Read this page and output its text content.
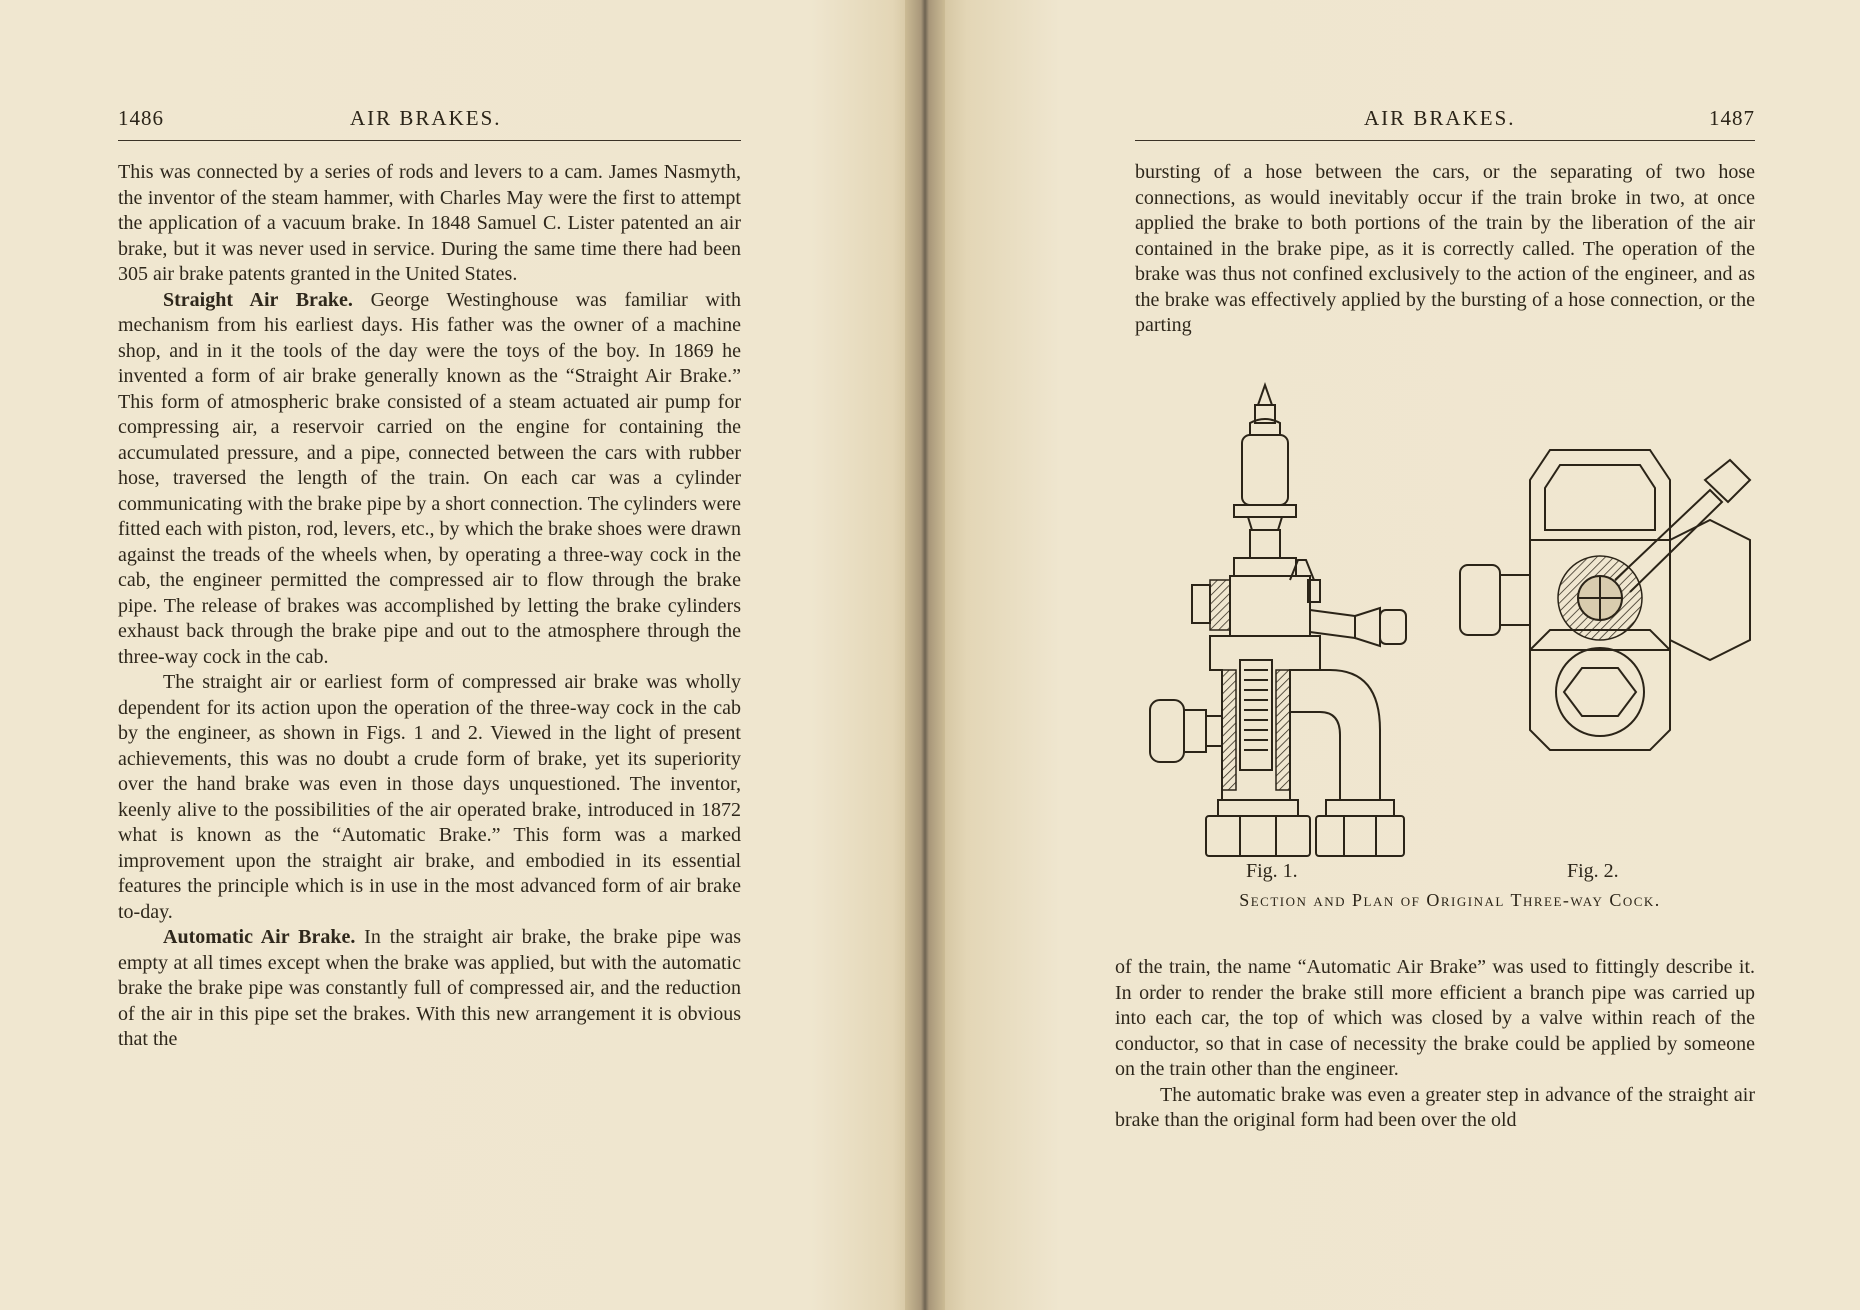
1486	AIR BRAKES.

This was connected by a series of rods and levers to a cam. James Nasmyth, the inventor of the steam hammer, with Charles May were the first to attempt the application of a vacuum brake. In 1848 Samuel C. Lister patented an air brake, but it was never used in service. During the same time there had been 305 air brake patents granted in the United States.

Straight Air Brake. George Westinghouse was familiar with mechanism from his earliest days. His father was the owner of a machine shop, and in it the tools of the day were the toys of the boy. In 1869 he invented a form of air brake generally known as the “Straight Air Brake.” This form of atmospheric brake consisted of a steam actuated air pump for compressing air, a reservoir carried on the engine for containing the accumulated pressure, and a pipe, connected between the cars with rubber hose, traversed the length of the train. On each car was a cylinder communicating with the brake pipe by a short connection. The cylinders were fitted each with piston, rod, levers, etc., by which the brake shoes were drawn against the treads of the wheels when, by operating a three-way cock in the cab, the engineer permitted the compressed air to flow through the brake pipe. The release of brakes was accomplished by letting the brake cylinders exhaust back through the brake pipe and out to the atmosphere through the three-way cock in the cab.

The straight air or earliest form of compressed air brake was wholly dependent for its action upon the operation of the three-way cock in the cab by the engineer, as shown in Figs. 1 and 2. Viewed in the light of present achievements, this was no doubt a crude form of brake, yet its superiority over the hand brake was even in those days unquestioned. The inventor, keenly alive to the possibilities of the air operated brake, introduced in 1872 what is known as the “Automatic Brake.” This form was a marked improvement upon the straight air brake, and embodied in its essential features the principle which is in use in the most advanced form of air brake to-day.

Automatic Air Brake. In the straight air brake, the brake pipe was empty at all times except when the brake was applied, but with the automatic brake the brake pipe was constantly full of compressed air, and the reduction of the air in this pipe set the brakes. With this new arrangement it is obvious that the

AIR BRAKES.	1487

bursting of a hose between the cars, or the separating of two hose connections, as would inevitably occur if the train broke in two, at once applied the brake to both portions of the train by the liberation of the air contained in the brake pipe, as it is correctly called. The operation of the brake was thus not confined exclusively to the action of the engineer, and as the brake was effectively applied by the bursting of a hose connection, or the parting

Fig. 1.	Fig. 2.
Section and Plan of Original Three-way Cock.

of the train, the name “Automatic Air Brake” was used to fittingly describe it. In order to render the brake still more efficient a branch pipe was carried up into each car, the top of which was closed by a valve within reach of the conductor, so that in case of necessity the brake could be applied by someone on the train other than the engineer.

The automatic brake was even a greater step in advance of the straight air brake than the original form had been over the old
